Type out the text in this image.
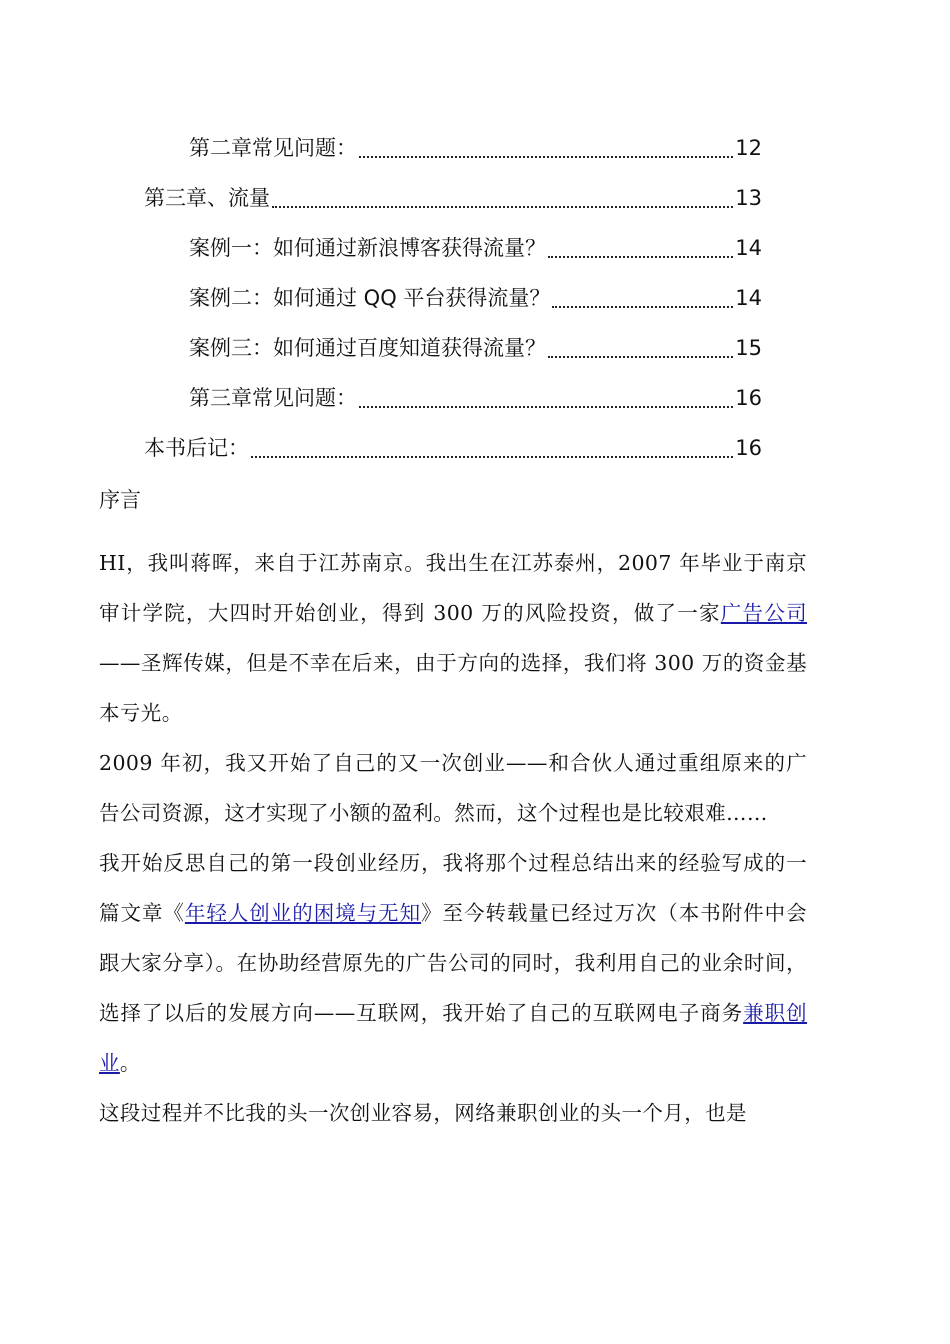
第二章常见问题：	12
第三章、流量	13
案例一：如何通过新浪博客获得流量？	14
案例二：如何通过 QQ 平台获得流量？	14
案例三：如何通过百度知道获得流量？	15
第三章常见问题：	16
本书后记：	16
序言

HI，我叫蒋晖，来自于江苏南京。我出生在江苏泰州，2007 年毕业于南京审计学院，大四时开始创业，得到 300 万的风险投资，做了一家广告公司——圣辉传媒，但是不幸在后来，由于方向的选择，我们将 300 万的资金基本亏光。

2009 年初，我又开始了自己的又一次创业——和合伙人通过重组原来的广告公司资源，这才实现了小额的盈利。然而，这个过程也是比较艰难……

我开始反思自己的第一段创业经历，我将那个过程总结出来的经验写成的一篇文章《年轻人创业的困境与无知》至今转载量已经过万次（本书附件中会跟大家分享）。在协助经营原先的广告公司的同时，我利用自己的业余时间，选择了以后的发展方向——互联网，我开始了自己的互联网电子商务兼职创业。

这段过程并不比我的头一次创业容易，网络兼职创业的头一个月，也是
